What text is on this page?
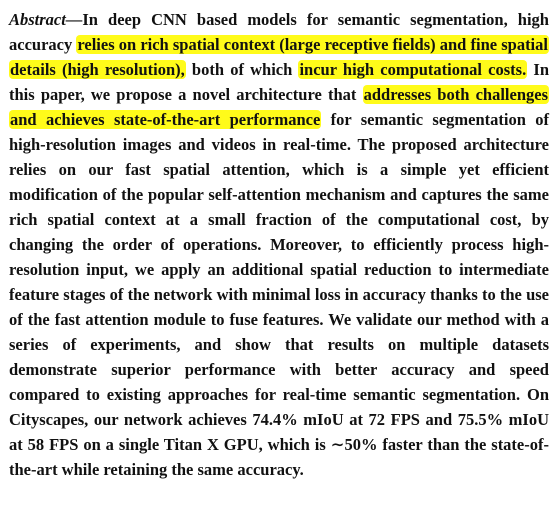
Abstract—In deep CNN based models for semantic segmentation, high accuracy relies on rich spatial context (large receptive fields) and fine spatial details (high resolution), both of which incur high computational costs. In this paper, we propose a novel architecture that addresses both challenges and achieves state-of-the-art performance for semantic segmentation of high-resolution images and videos in real-time. The proposed architecture relies on our fast spatial attention, which is a simple yet efficient modification of the popular self-attention mechanism and captures the same rich spatial context at a small fraction of the computational cost, by changing the order of operations. Moreover, to efficiently process high-resolution input, we apply an additional spatial reduction to intermediate feature stages of the network with minimal loss in accuracy thanks to the use of the fast attention module to fuse features. We validate our method with a series of experiments, and show that results on multiple datasets demonstrate superior performance with better accuracy and speed compared to existing approaches for real-time semantic segmentation. On Cityscapes, our network achieves 74.4% mIoU at 72 FPS and 75.5% mIoU at 58 FPS on a single Titan X GPU, which is ∼50% faster than the state-of-the-art while retaining the same accuracy.
